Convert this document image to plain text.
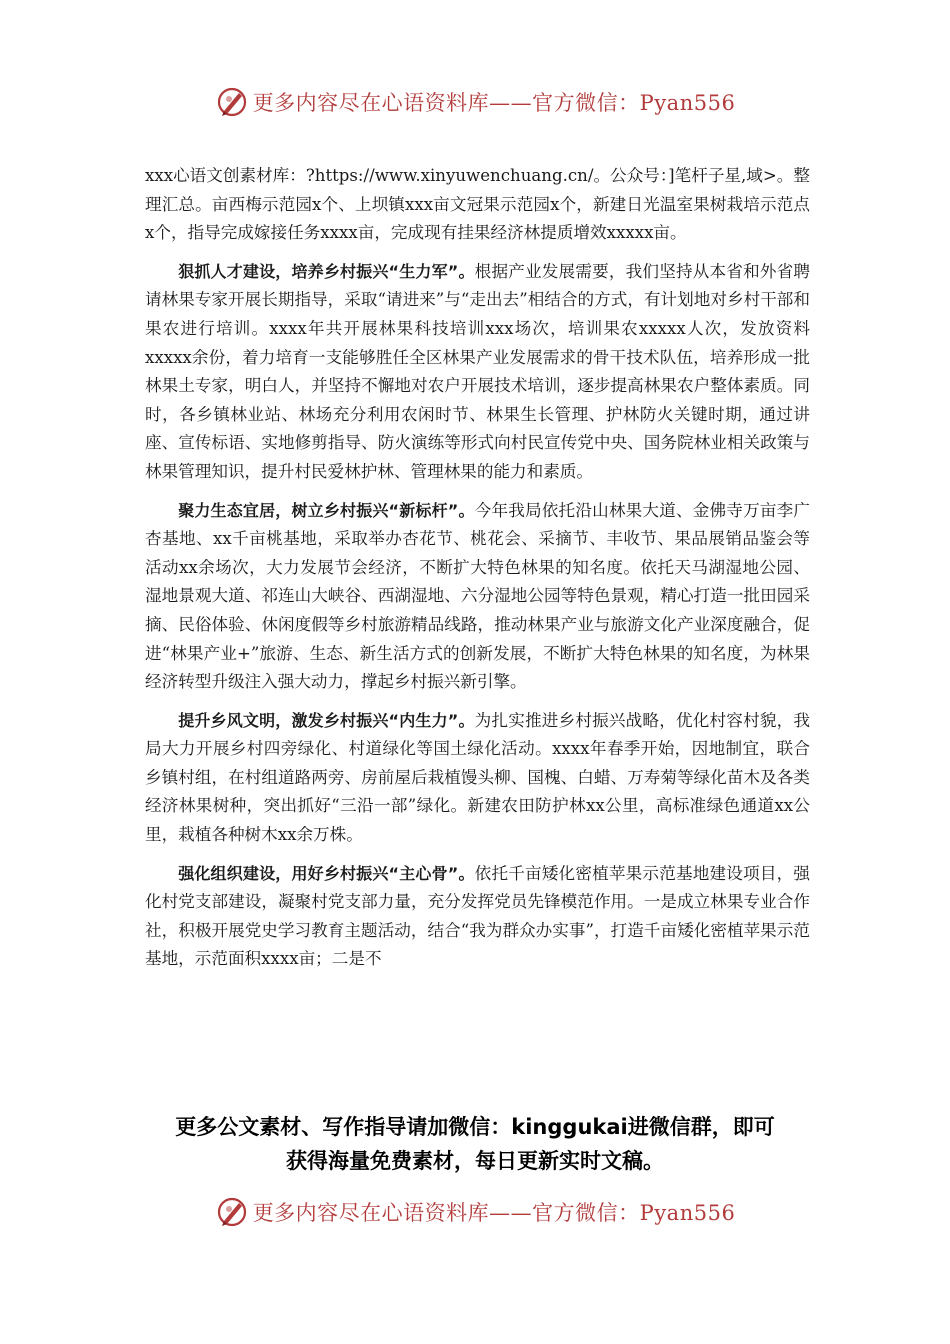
更多内容尽在心语资料库——官方微信：Pyan556

xxx心语文创素材库：?https://www.xinyuwenchuang.cn/。公众号：]笔杆子星,域>。整理汇总。亩西梅示范园x个、上坝镇xxx亩文冠果示范园x个，新建日光温室果树栽培示范点x个，指导完成嫁接任务xxxx亩，完成现有挂果经济林提质增效xxxxx亩。

狠抓人才建设，培养乡村振兴“生力军”。根据产业发展需要，我们坚持从本省和外省聘请林果专家开展长期指导，采取“请进来”与“走出去”相结合的方式，有计划地对乡村干部和果农进行培训。xxxx年共开展林果科技培训xxx场次，培训果农xxxxx人次，发放资料xxxxx余份，着力培育一支能够胜任全区林果产业发展需求的骨干技术队伍，培养形成一批林果土专家，明白人，并坚持不懈地对农户开展技术培训，逐步提高林果农户整体素质。同时，各乡镇林业站、林场充分利用农闲时节、林果生长管理、护林防火关键时期，通过讲座、宣传标语、实地修剪指导、防火演练等形式向村民宣传党中央、国务院林业相关政策与林果管理知识，提升村民爱林护林、管理林果的能力和素质。

聚力生态宜居，树立乡村振兴“新标杆”。今年我局依托沿山林果大道、金佛寺万亩李广杏基地、xx千亩桃基地，采取举办杏花节、桃花会、采摘节、丰收节、果品展销品鉴会等活动xx余场次，大力发展节会经济，不断扩大特色林果的知名度。依托天马湖湿地公园、湿地景观大道、祁连山大峡谷、西湖湿地、六分湿地公园等特色景观，精心打造一批田园采摘、民俗体验、休闲度假等乡村旅游精品线路，推动林果产业与旅游文化产业深度融合，促进“林果产业+”旅游、生态、新生活方式的创新发展，不断扩大特色林果的知名度，为林果经济转型升级注入强大动力，撑起乡村振兴新引擎。

提升乡风文明，激发乡村振兴“内生力”。为扎实推进乡村振兴战略，优化村容村貌，我局大力开展乡村四旁绿化、村道绿化等国土绿化活动。xxxx年春季开始，因地制宜，联合乡镇村组，在村组道路两旁、房前屋后栽植馒头柳、国槐、白蜡、万寿菊等绿化苗木及各类经济林果树种，突出抓好“三沿一部”绿化。新建农田防护林xx公里，高标准绿色通道xx公里，栽植各种树木xx余万株。

强化组织建设，用好乡村振兴“主心骨”。依托千亩矮化密植苹果示范基地建设项目，强化村党支部建设，凝聚村党支部力量，充分发挥党员先锋模范作用。一是成立林果专业合作社，积极开展党史学习教育主题活动，结合“我为群众办实事”，打造千亩矮化密植苹果示范基地，示范面积xxxx亩；二是不

更多公文素材、写作指导请加微信：kinggukai进微信群，即可
获得海量免费素材，每日更新实时文稿。
更多内容尽在心语资料库——官方微信：Pyan556
